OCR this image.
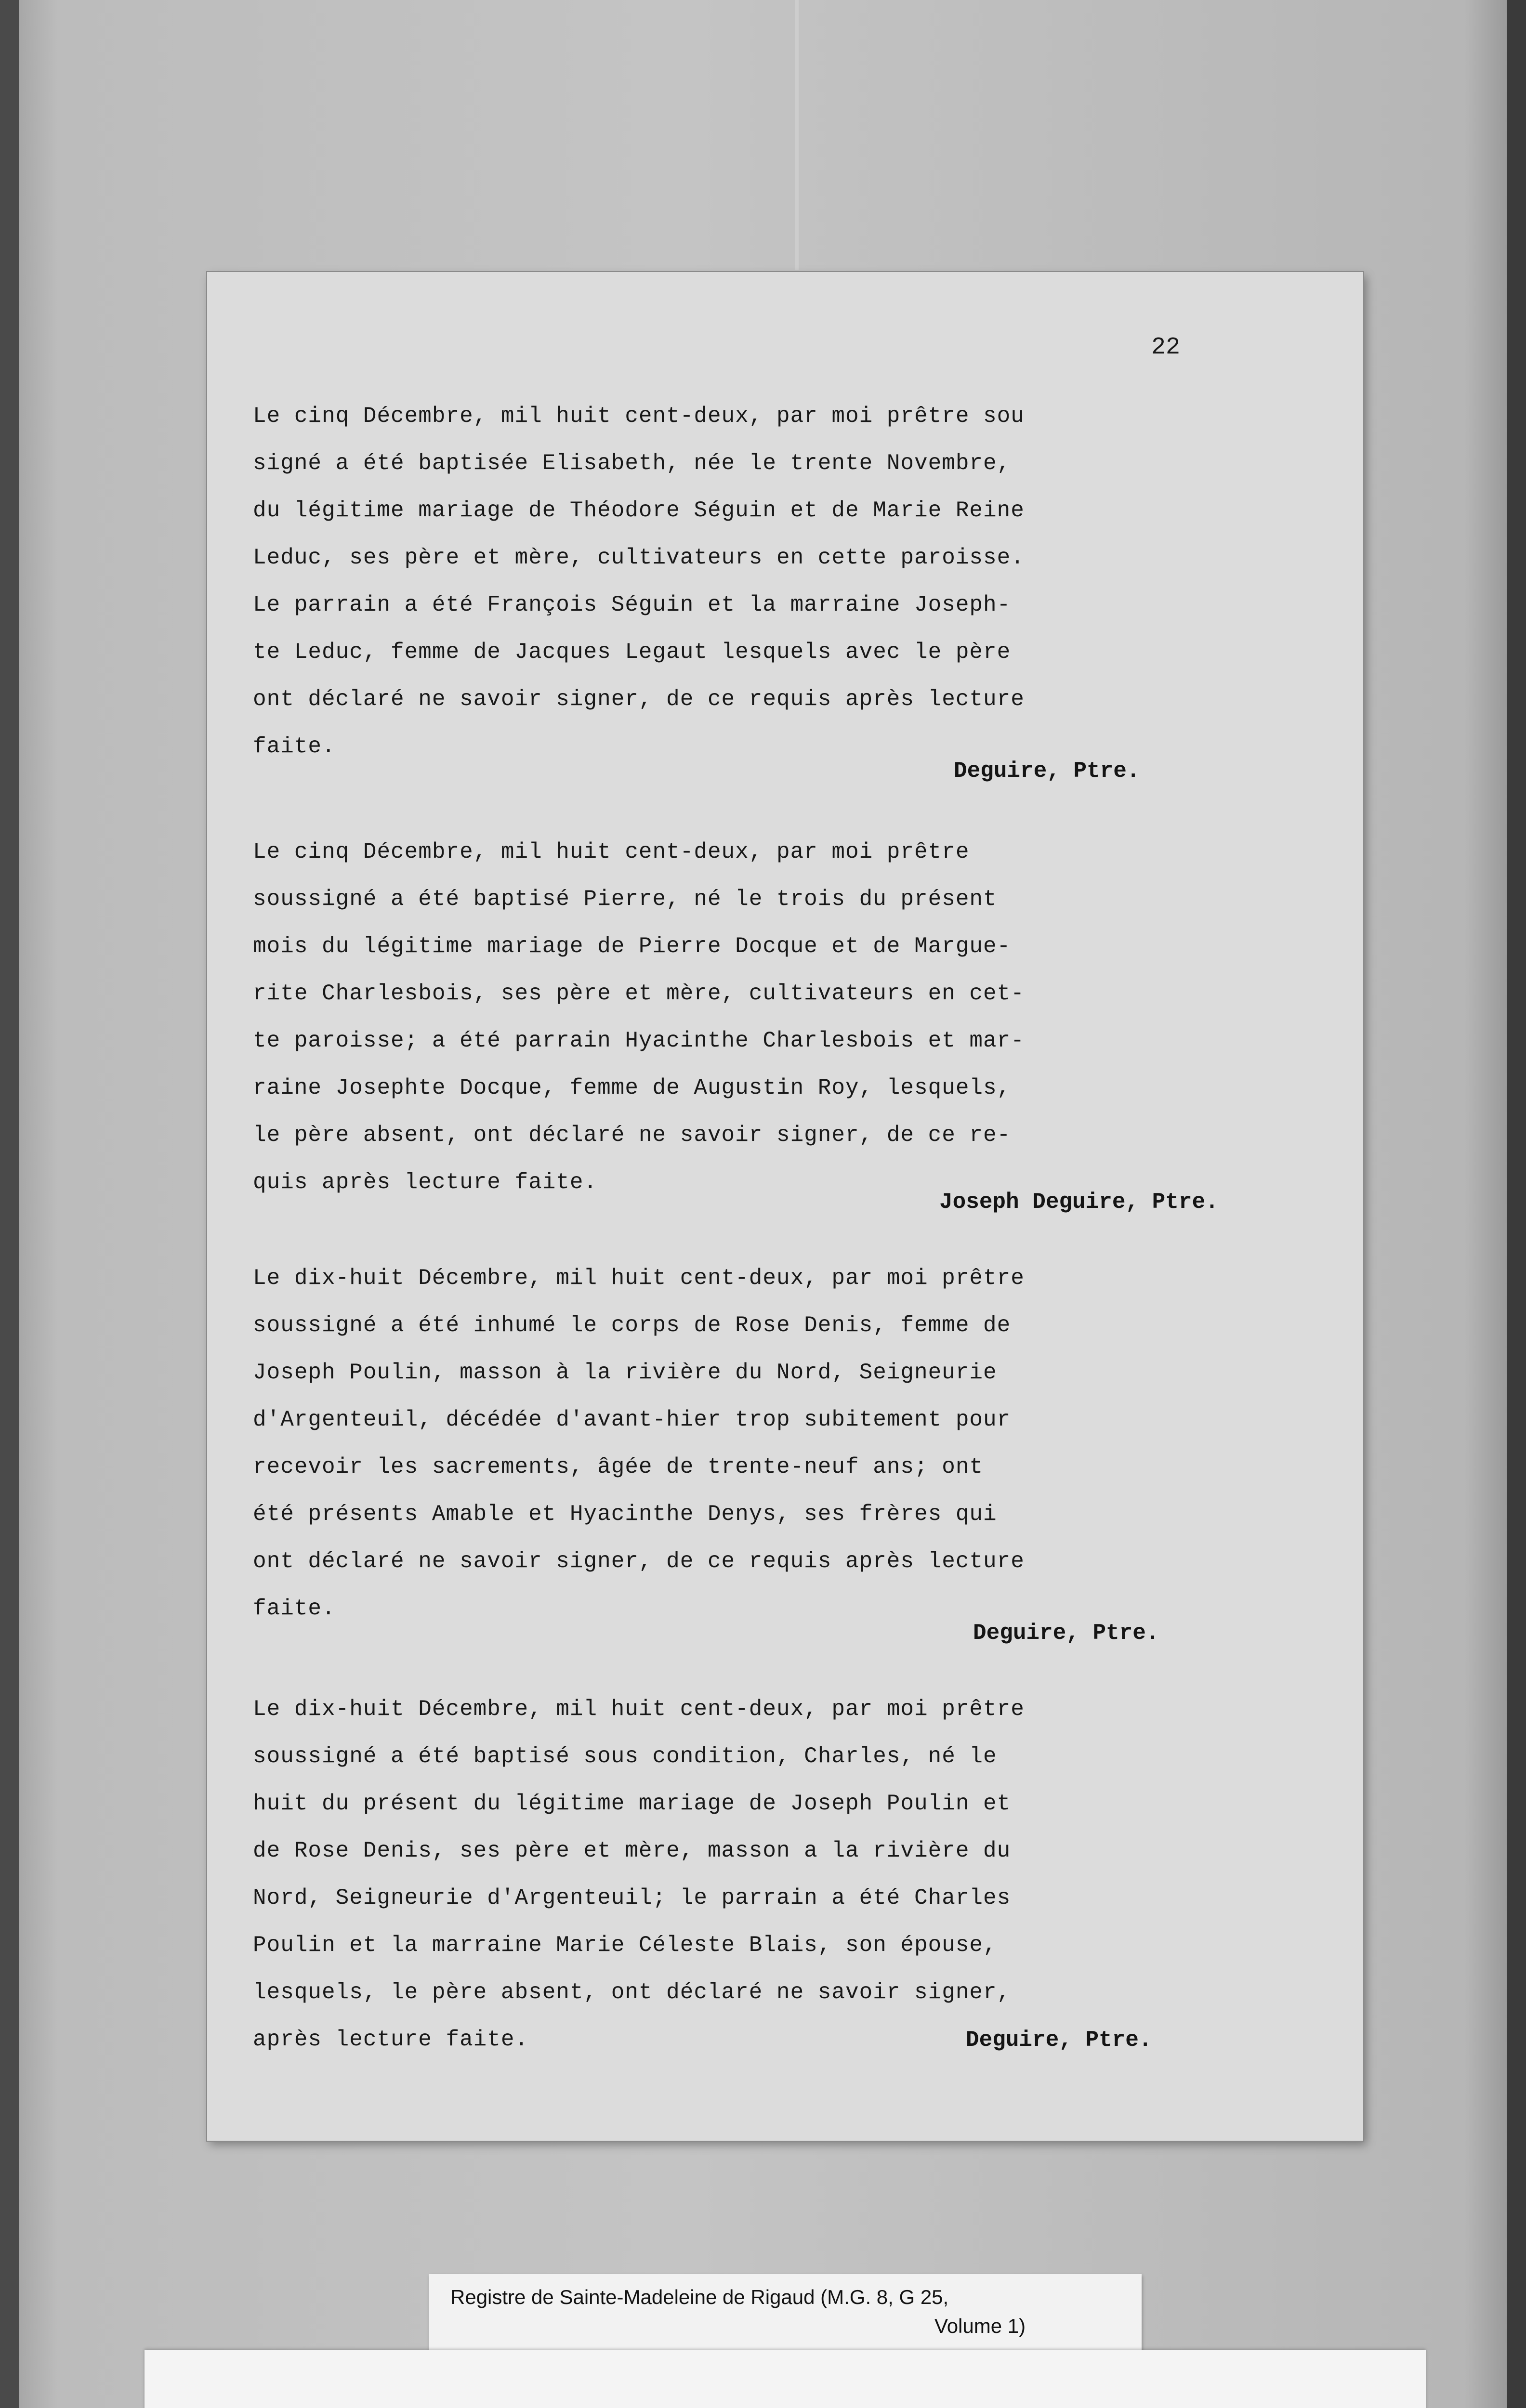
22

Le cinq Décembre, mil huit cent-deux, par moi prêtre sou

signé a été baptisée Elisabeth, née le trente Novembre,

du légitime mariage de Théodore Séguin et de Marie Reine

Leduc, ses père et mère, cultivateurs en cette paroisse.

Le parrain a été François Séguin et la marraine Joseph-

te Leduc, femme de Jacques Legaut lesquels avec le père

ont déclaré ne savoir signer, de ce requis après lecture

faite.

Deguire, Ptre.

Le cinq Décembre, mil huit cent-deux, par moi prêtre

soussigné a été baptisé Pierre, né le trois du présent

mois du légitime mariage de Pierre Docque et de Margue-

rite Charlesbois, ses père et mère, cultivateurs en cet-

te paroisse; a été parrain Hyacinthe Charlesbois et mar-

raine Josephte Docque, femme de Augustin Roy, lesquels,

le père absent, ont déclaré ne savoir signer, de ce re-

quis après lecture faite.

Joseph Deguire, Ptre.

Le dix-huit Décembre, mil huit cent-deux, par moi prêtre

soussigné a été inhumé le corps de Rose Denis, femme de

Joseph Poulin, masson à la rivière du Nord, Seigneurie

d'Argenteuil, décédée d'avant-hier trop subitement pour

recevoir les sacrements, âgée de trente-neuf ans; ont

été présents Amable et Hyacinthe Denys, ses frères qui

ont déclaré ne savoir signer, de ce requis après lecture

faite.

Deguire, Ptre.

Le dix-huit Décembre, mil huit cent-deux, par moi prêtre

soussigné a été baptisé sous condition, Charles, né le

huit du présent du légitime mariage de Joseph Poulin et

de Rose Denis, ses père et mère, masson a la rivière du

Nord, Seigneurie d'Argenteuil; le parrain a été Charles

Poulin et la marraine Marie Céleste Blais, son épouse,

lesquels, le père absent, ont déclaré ne savoir signer,

après lecture faite.	Deguire, Ptre.
Registre de Sainte-Madeleine de Rigaud (M.G. 8, G 25,
Volume 1)
